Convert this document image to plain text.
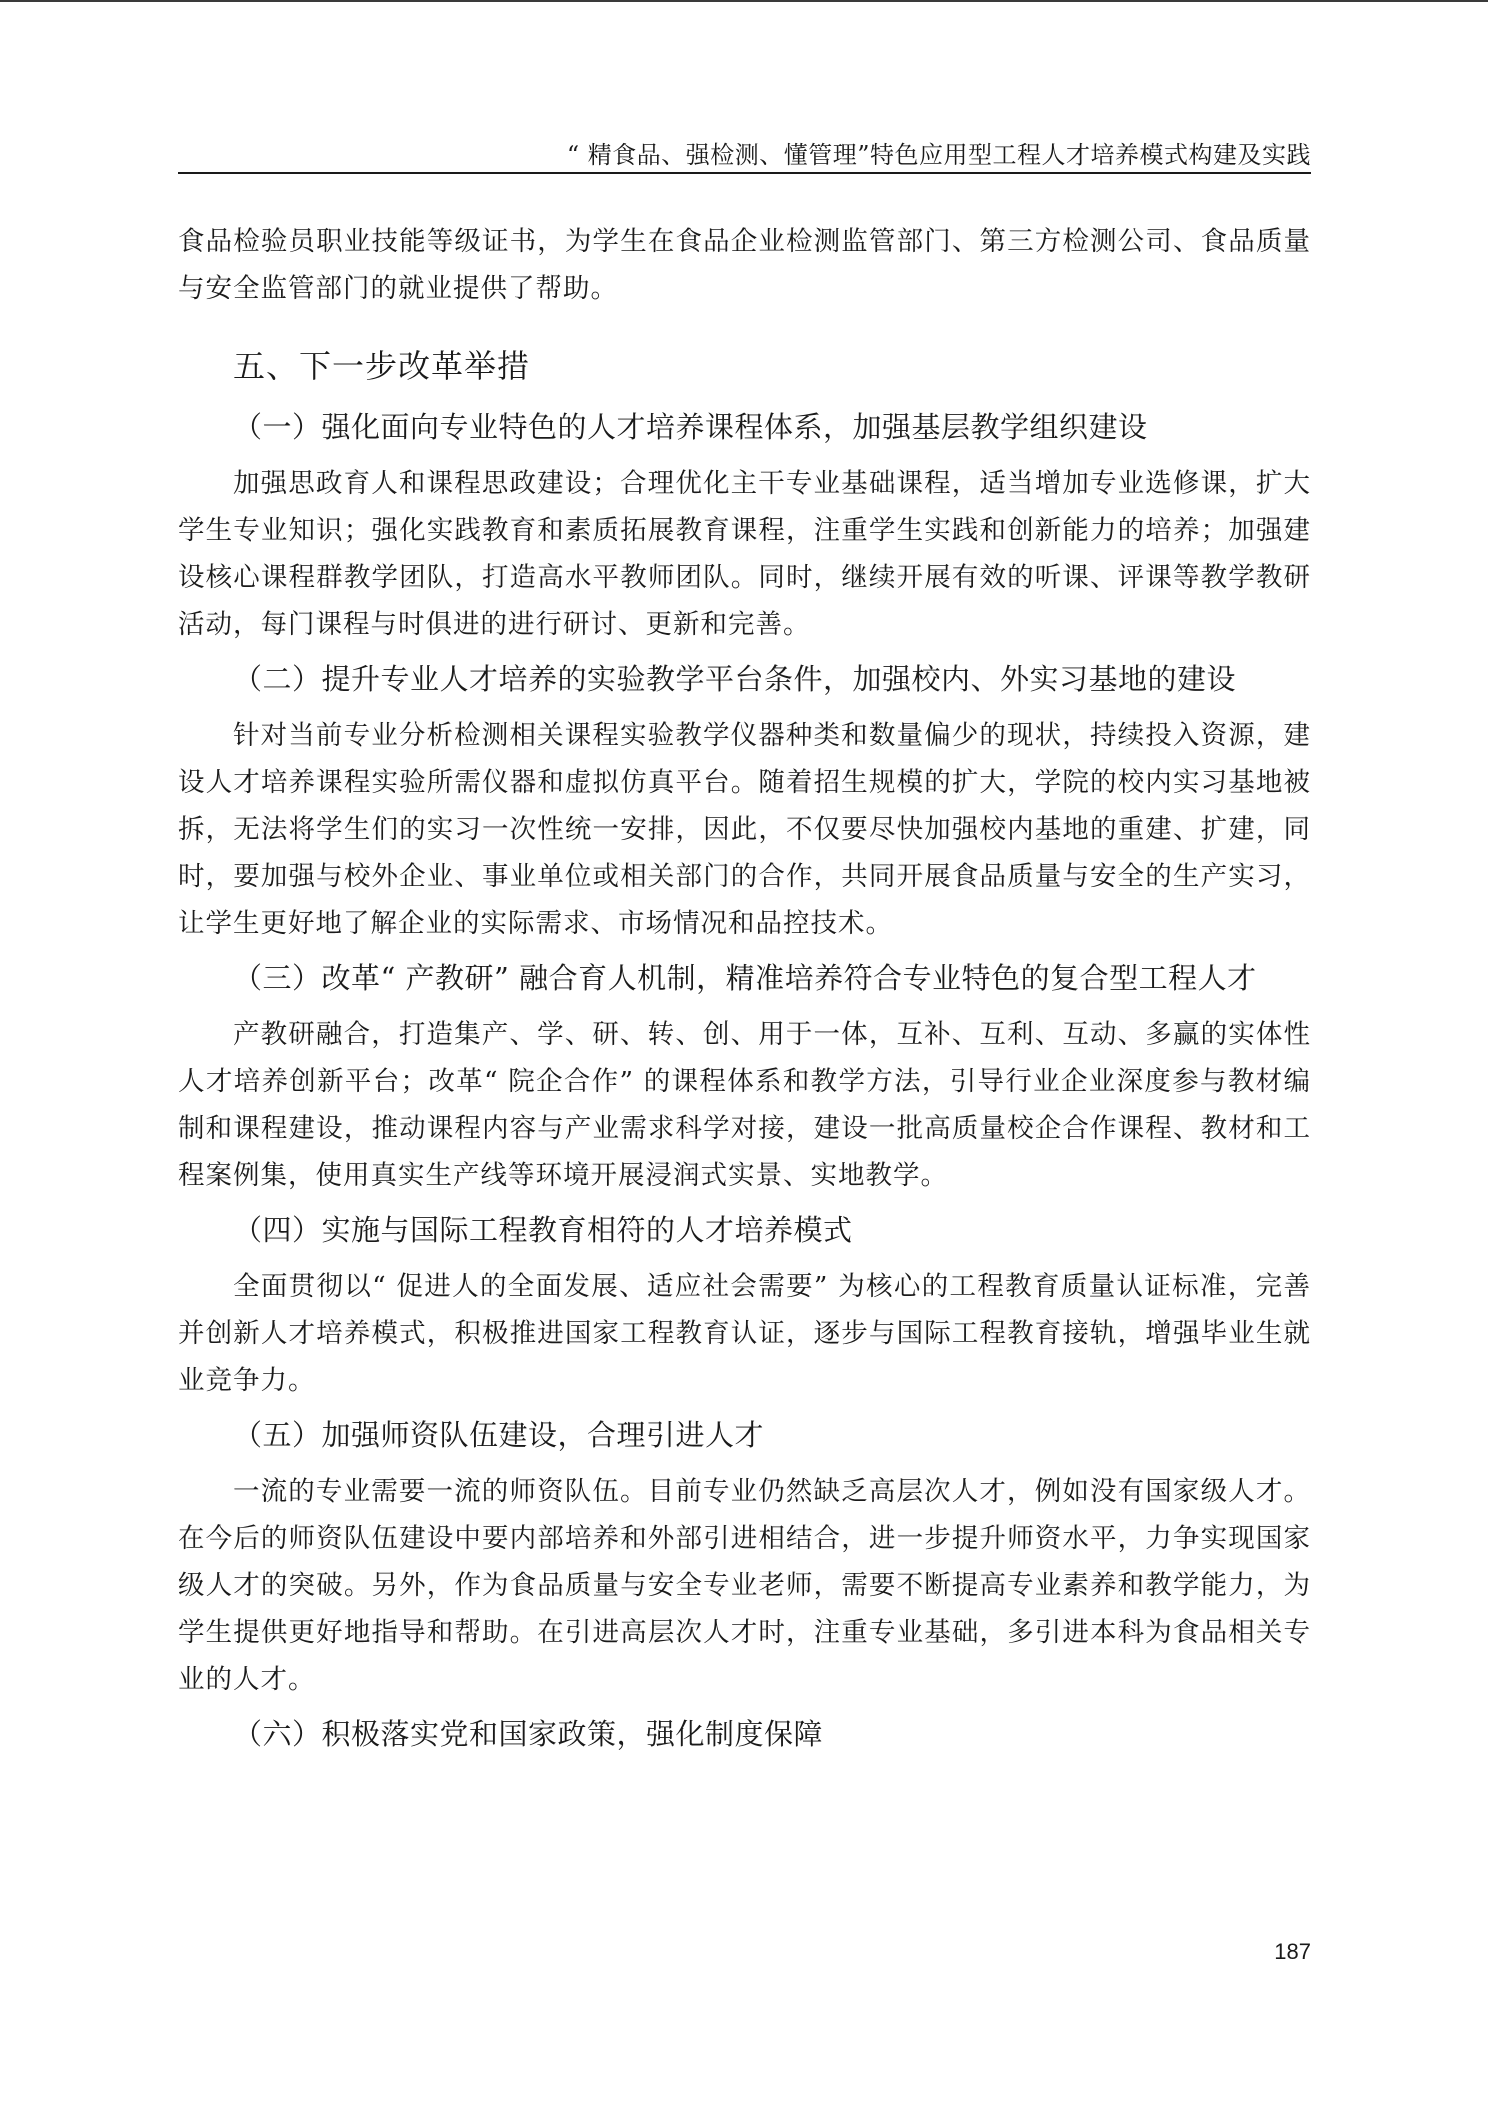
“ 精食品、强检测、懂管理”特色应用型工程人才培养模式构建及实践

食品检验员职业技能等级证书，为学生在食品企业检测监管部门、第三方检测公司、食品质量与安全监管部门的就业提供了帮助。

五、下一步改革举措
（一）强化面向专业特色的人才培养课程体系，加强基层教学组织建设

加强思政育人和课程思政建设；合理优化主干专业基础课程，适当增加专业选修课，扩大学生专业知识；强化实践教育和素质拓展教育课程，注重学生实践和创新能力的培养；加强建设核心课程群教学团队，打造高水平教师团队。同时，继续开展有效的听课、评课等教学教研活动，每门课程与时俱进的进行研讨、更新和完善。

（二）提升专业人才培养的实验教学平台条件，加强校内、外实习基地的建设

针对当前专业分析检测相关课程实验教学仪器种类和数量偏少的现状，持续投入资源，建设人才培养课程实验所需仪器和虚拟仿真平台。随着招生规模的扩大，学院的校内实习基地被拆，无法将学生们的实习一次性统一安排，因此，不仅要尽快加强校内基地的重建、扩建，同时，要加强与校外企业、事业单位或相关部门的合作，共同开展食品质量与安全的生产实习，让学生更好地了解企业的实际需求、市场情况和品控技术。

（三）改革“ 产教研” 融合育人机制，精准培养符合专业特色的复合型工程人才

产教研融合，打造集产、学、研、转、创、用于一体，互补、互利、互动、多赢的实体性人才培养创新平台；改革“ 院企合作” 的课程体系和教学方法，引导行业企业深度参与教材编制和课程建设，推动课程内容与产业需求科学对接，建设一批高质量校企合作课程、教材和工程案例集，使用真实生产线等环境开展浸润式实景、实地教学。

（四）实施与国际工程教育相符的人才培养模式

全面贯彻以“ 促进人的全面发展、适应社会需要” 为核心的工程教育质量认证标准，完善并创新人才培养模式，积极推进国家工程教育认证，逐步与国际工程教育接轨，增强毕业生就业竞争力。

（五）加强师资队伍建设，合理引进人才

一流的专业需要一流的师资队伍。目前专业仍然缺乏高层次人才，例如没有国家级人才。在今后的师资队伍建设中要内部培养和外部引进相结合，进一步提升师资水平，力争实现国家级人才的突破。另外，作为食品质量与安全专业老师，需要不断提高专业素养和教学能力，为学生提供更好地指导和帮助。在引进高层次人才时，注重专业基础，多引进本科为食品相关专业的人才。

（六）积极落实党和国家政策，强化制度保障
187
